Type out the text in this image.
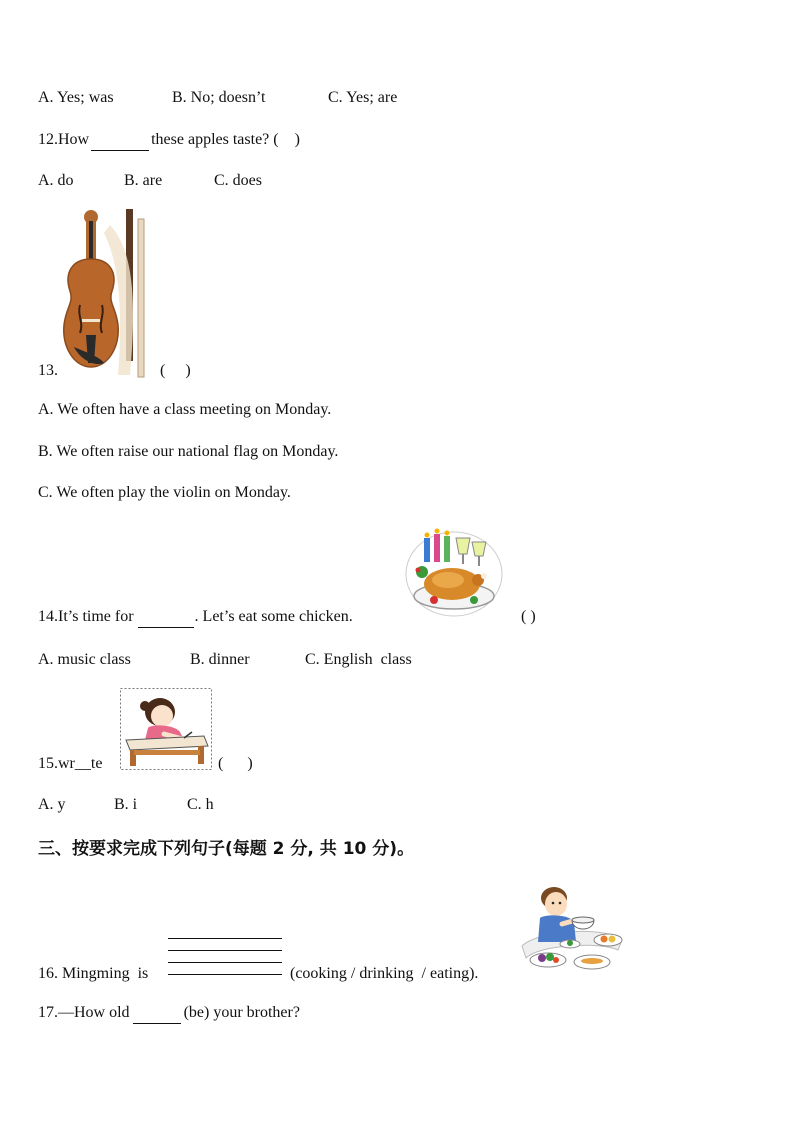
A. Yes; was	B. No; doesn’t	C. Yes; are
12.How	these apples taste? ( )
A. do	B. are	C. does
13.	(     )
A. We often have a class meeting on Monday.
B. We often raise our national flag on Monday.
C. We often play the violin on Monday.
14.It’s time for	. Let’s eat some chicken.	( )
A. music class	B. dinner	C. English  class
15.wr__te	(      )
A. y	B. i	C. h
三、按要求完成下列句子(每题 2 分, 共 10 分)。
16. Mingming  is	(cooking / drinking  / eating).
17.—How old	(be) your brother?
